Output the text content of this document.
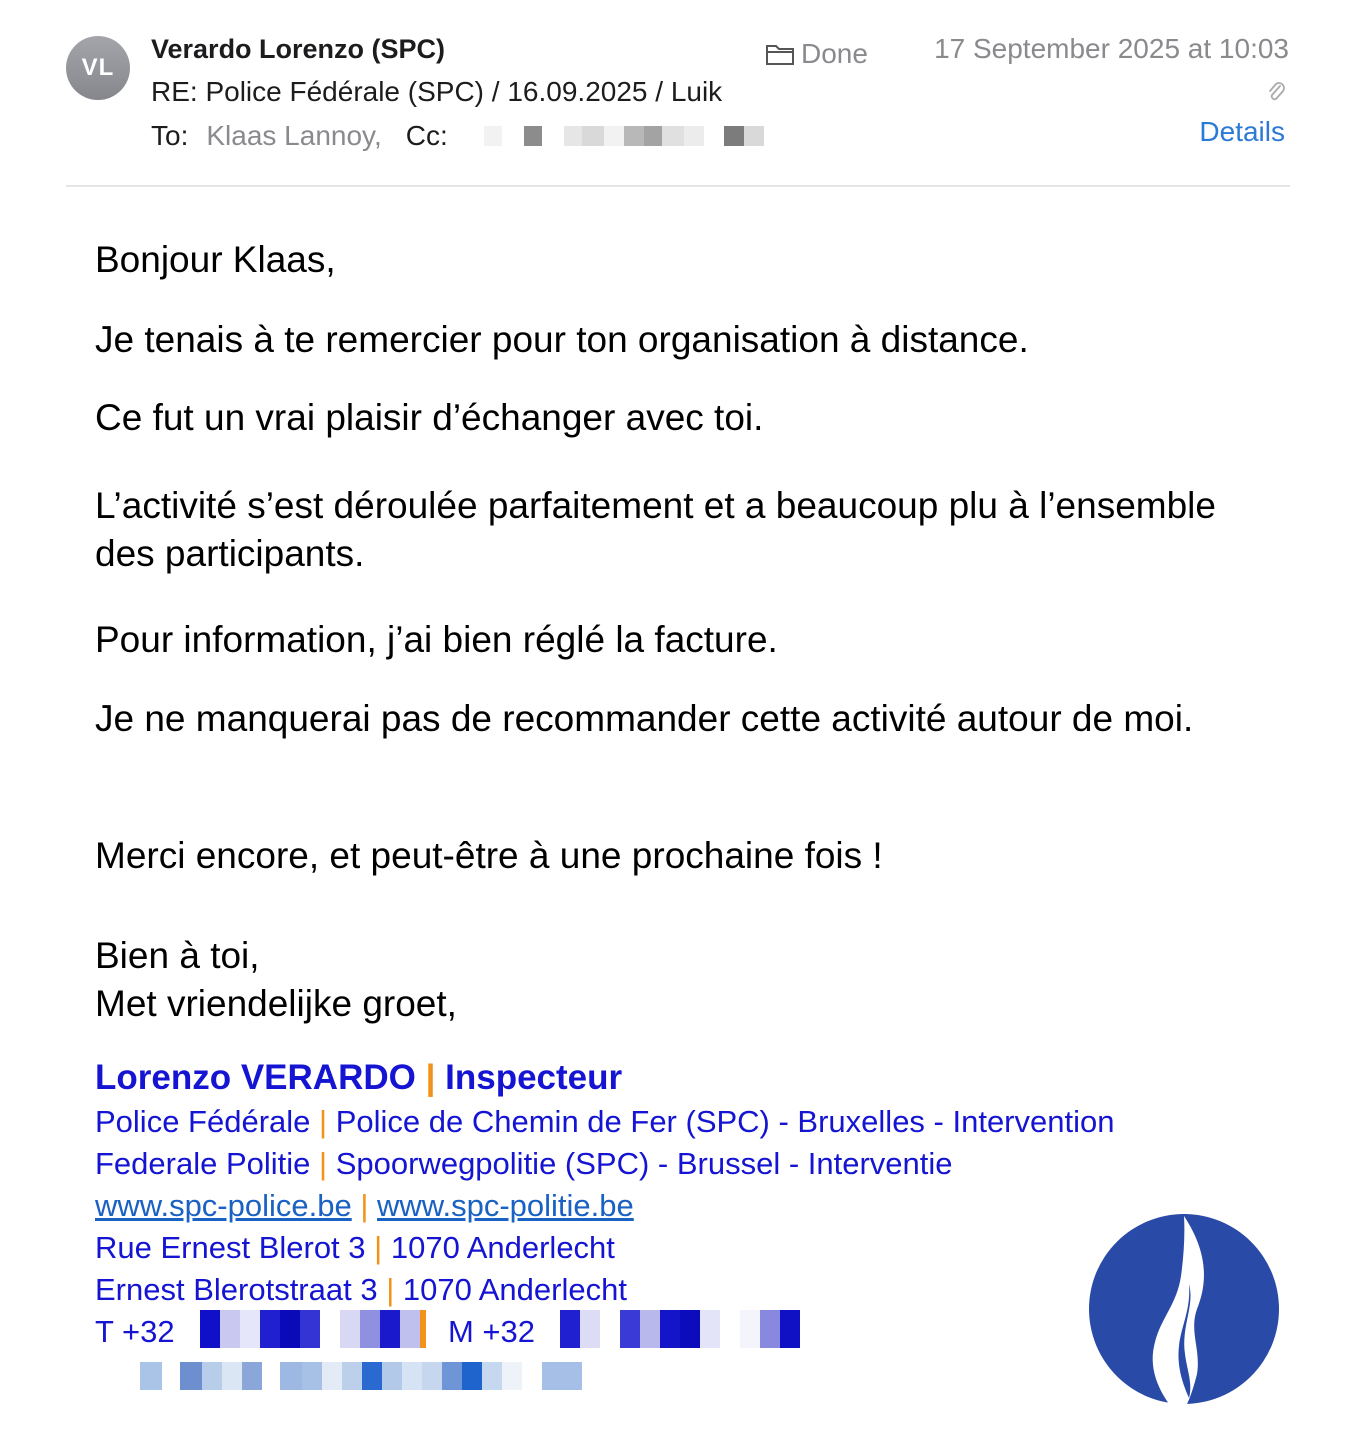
VL
Verardo Lorenzo (SPC)
RE: Police Fédérale (SPC) / 16.09.2025 / Luik
To: Klaas Lannoy, Cc:
Done 17 September 2025 at 10:03
Details

Bonjour Klaas,

Je tenais à te remercier pour ton organisation à distance.

Ce fut un vrai plaisir d’échanger avec toi.

L’activité s’est déroulée parfaitement et a beaucoup plu à l’ensemble des participants.

Pour information, j’ai bien réglé la facture.

Je ne manquerai pas de recommander cette activité autour de moi.

Merci encore, et peut-être à une prochaine fois !

Bien à toi,

Met vriendelijke groet,

Lorenzo VERARDO | Inspecteur
Police Fédérale | Police de Chemin de Fer (SPC) - Bruxelles - Intervention
Federale Politie | Spoorwegpolitie (SPC) - Brussel - Interventie
www.spc-police.be | www.spc-politie.be
Rue Ernest Blerot 3 | 1070 Anderlecht
Ernest Blerotstraat 3 | 1070 Anderlecht
T +32	M +32
